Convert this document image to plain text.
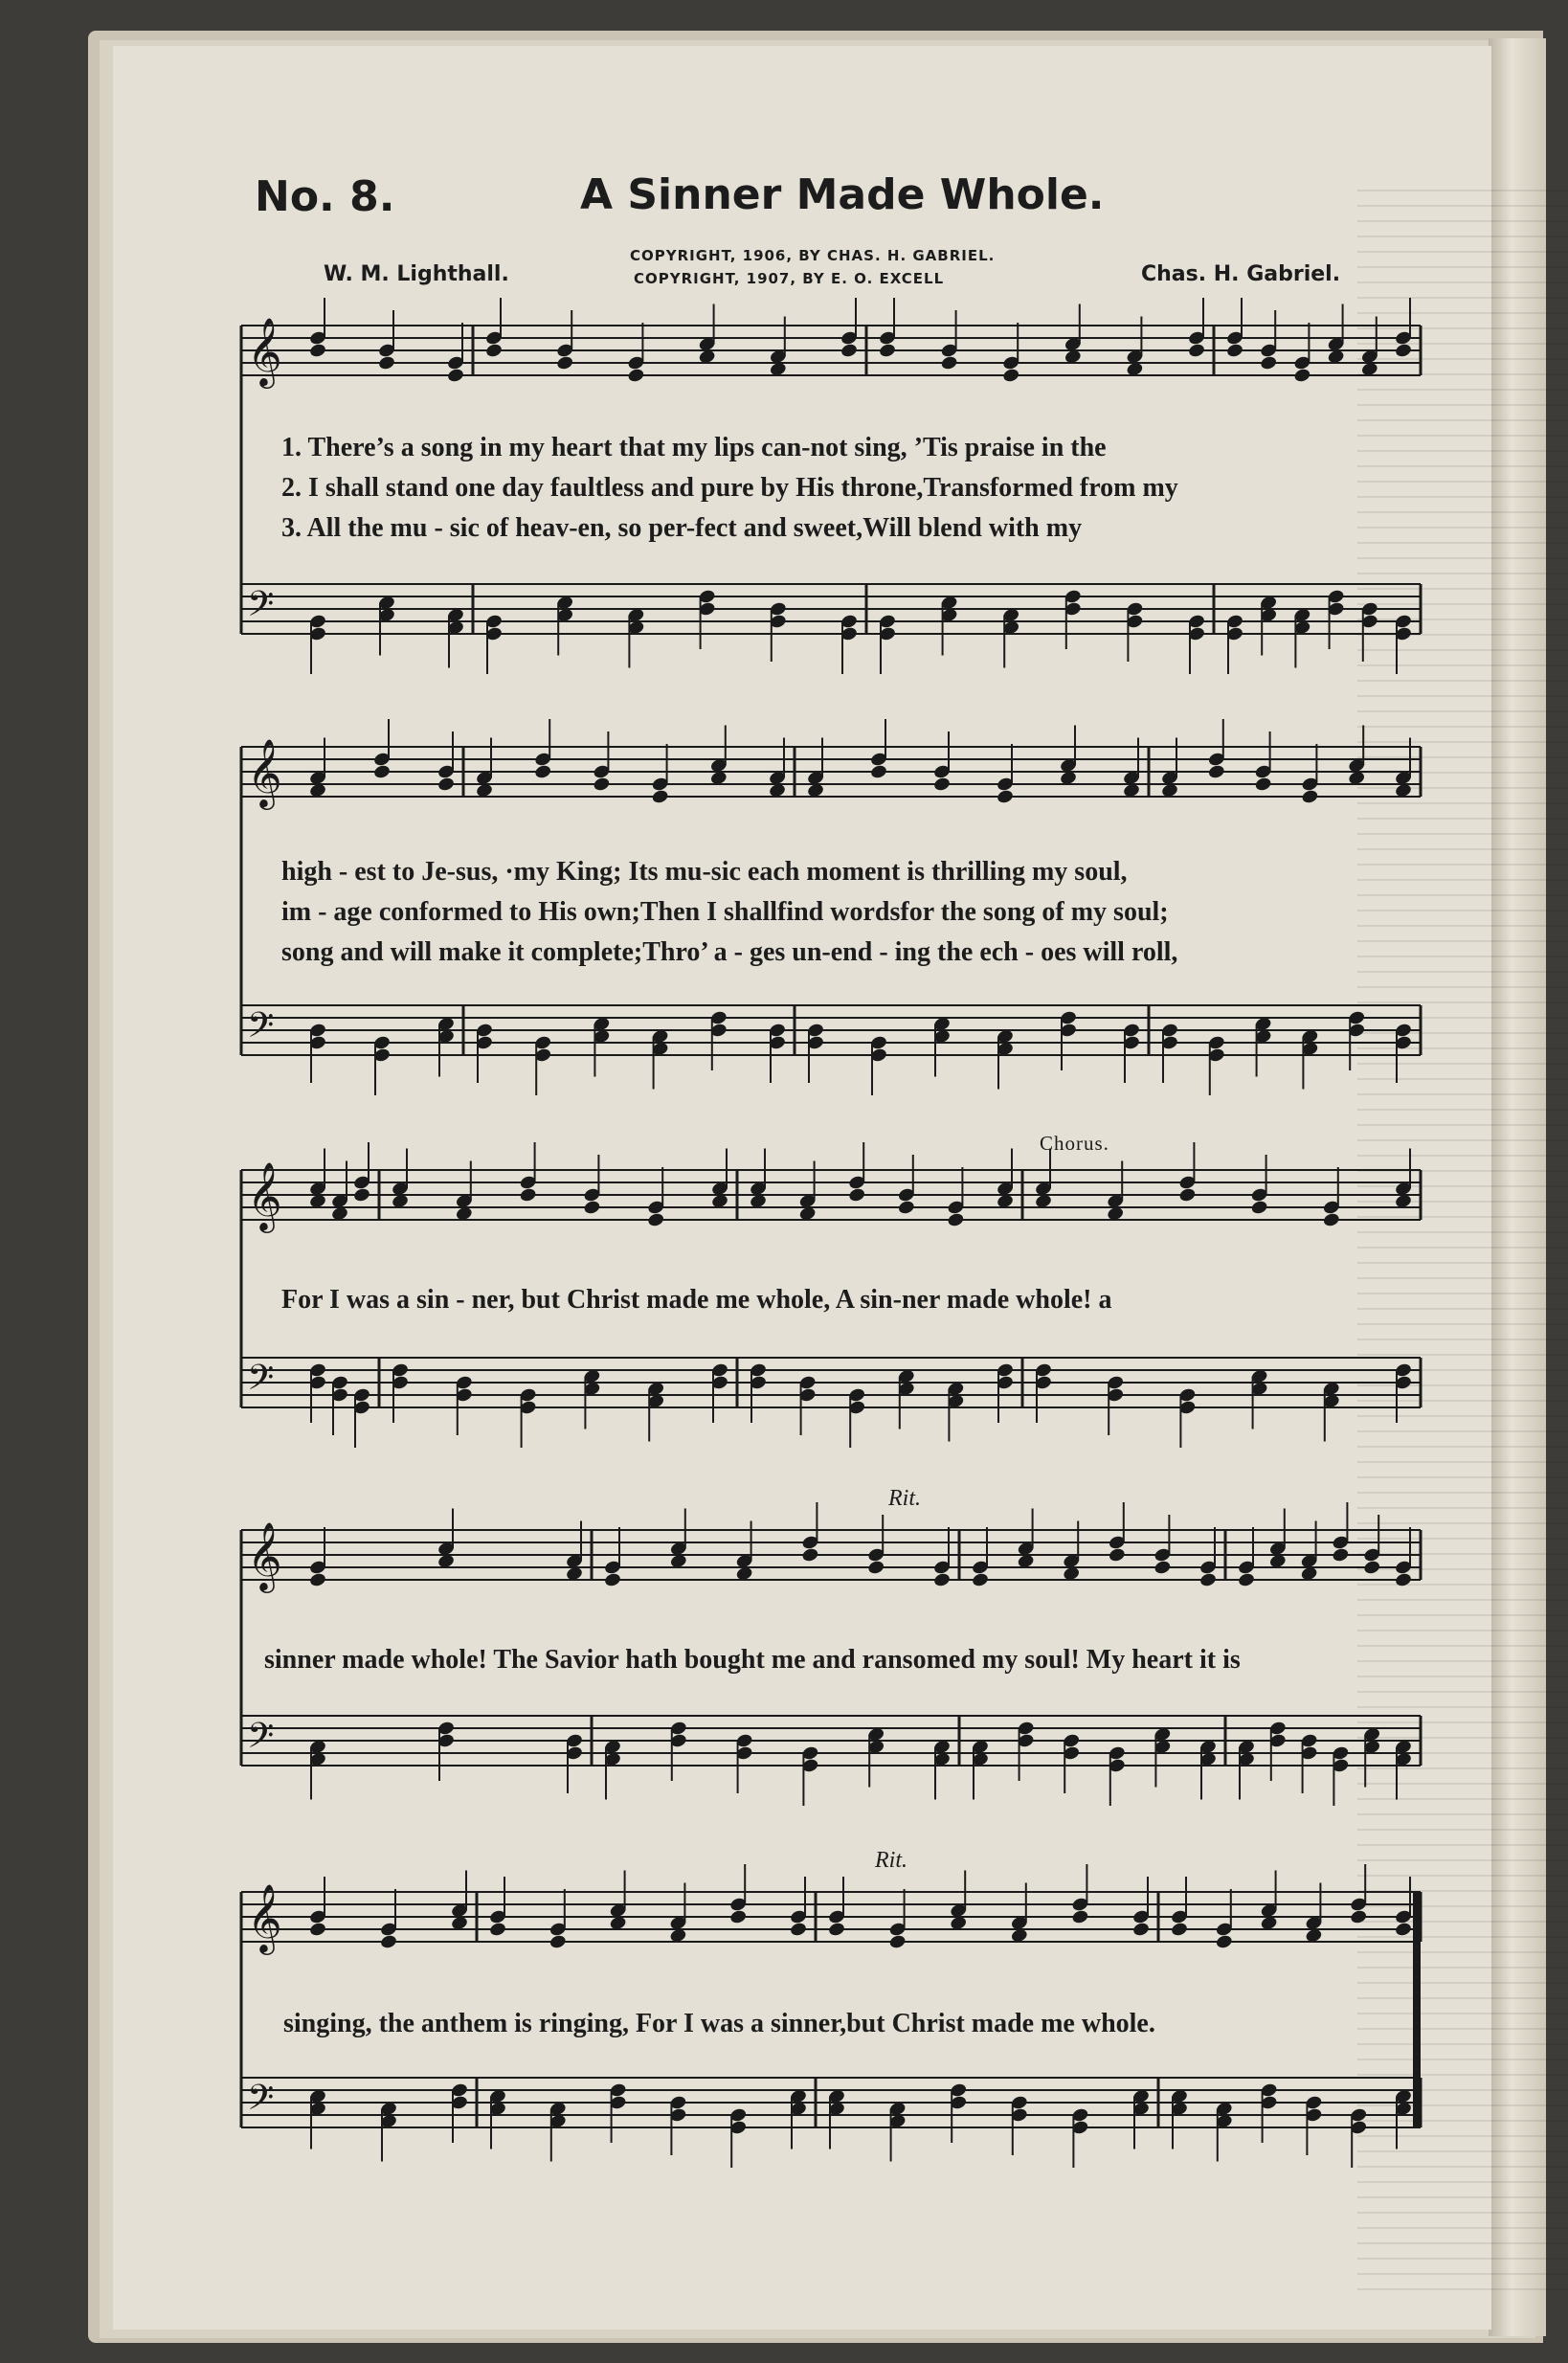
No. 8.	A Sinner Made Whole.
COPYRIGHT, 1906, BY CHAS. H. GABRIEL.
COPYRIGHT, 1907, BY E. O. EXCELL
W. M. Lighthall.	Chas. H. Gabriel.
𝄞
𝄢
𝄞
𝄢
𝄞
𝄢
𝄞
𝄢
𝄞
𝄢
1. There’s a song in my heart that my lips can-not sing, ’Tis praise in the
2. I shall stand one day faultless and pure by His throne,Transformed from my
3. All the mu - sic of heav-en, so per-fect and sweet,Will blend with my
high - est to Je-sus, ·my King; Its mu-sic each moment is thrilling my soul,
im - age conformed to His own;Then I shallfind wordsfor the song of my soul;
song and will make it complete;Thro’ a - ges un-end - ing the ech - oes will roll,
Chorus.
For I was a sin - ner, but Christ made me whole, A sin-ner made whole! a
Rit.
sinner made whole! The Savior hath bought me and ransomed my soul! My heart it is
Rit.
singing, the anthem is ringing, For I was a sinner,but Christ made me whole.
